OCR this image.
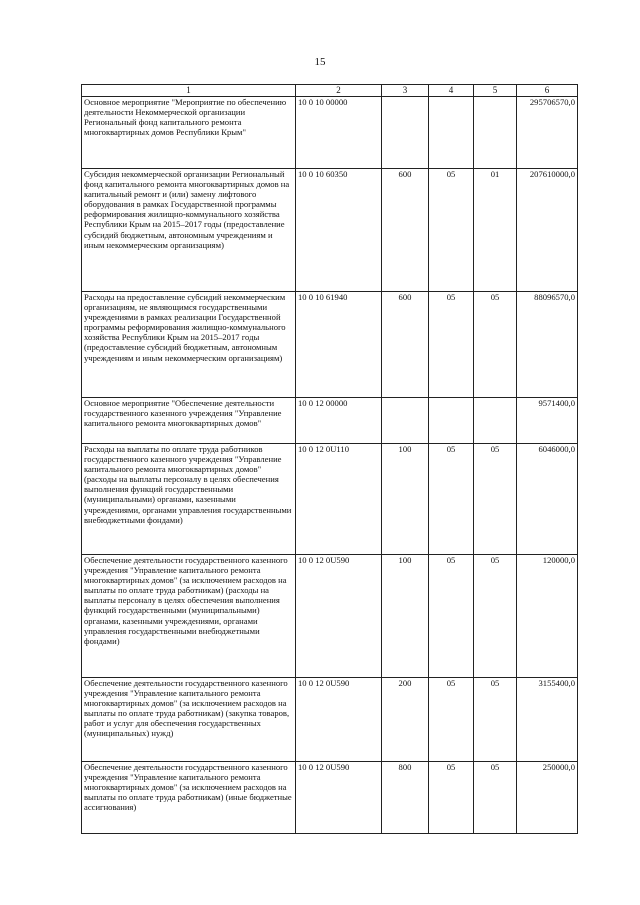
15
1	2	3	4	5	6
Основное мероприятие "Мероприятие по обеспечению деятельности Некоммерческой организации Региональный фонд капитального ремонта многоквартирных домов Республики Крым"	10 0 10 00000				295706570,0
Субсидия некоммерческой организации Региональный фонд капитального ремонта многоквартирных домов на капитальный ремонт и (или) замену лифтового оборудования в рамках Государственной программы реформирования жилищно-коммунального хозяйства Республики Крым на 2015–2017 годы (предоставление субсидий бюджетным, автономным учреждениям и иным некоммерческим организациям)	10 0 10 60350	600	05	01	207610000,0
Расходы на предоставление субсидий некоммерческим организациям, не являющимся государственными учреждениями в рамках реализации Государственной программы реформирования жилищно-коммунального хозяйства Республики Крым на 2015–2017 годы (предоставление субсидий бюджетным, автономным учреждениям и иным некоммерческим организациям)	10 0 10 61940	600	05	05	88096570,0
Основное мероприятие "Обеспечение деятельности государственного казенного учреждения "Управление капитального ремонта многоквартирных домов"	10 0 12 00000				9571400,0
Расходы на выплаты по оплате труда работников государственного казенного учреждения "Управление капитального ремонта многоквартирных домов" (расходы на выплаты персоналу в целях обеспечения выполнения функций государственными (муниципальными) органами, казенными учреждениями, органами управления государственными внебюджетными фондами)	10 0 12 0U110	100	05	05	6046000,0
Обеспечение деятельности государственного казенного учреждения "Управление капитального ремонта многоквартирных домов" (за исключением расходов на выплаты по оплате труда работникам) (расходы на выплаты персоналу в целях обеспечения выполнения функций государственными (муниципальными) органами, казенными учреждениями, органами управления государственными внебюджетными фондами)	10 0 12 0U590	100	05	05	120000,0
Обеспечение деятельности государственного казенного учреждения "Управление капитального ремонта многоквартирных домов" (за исключением расходов на выплаты по оплате труда работникам) (закупка товаров, работ и услуг для обеспечения государственных (муниципальных) нужд)	10 0 12 0U590	200	05	05	3155400,0
Обеспечение деятельности государственного казенного учреждения "Управление капитального ремонта многоквартирных домов" (за исключением расходов на выплаты по оплате труда работникам) (иные бюджетные ассигнования)	10 0 12 0U590	800	05	05	250000,0
